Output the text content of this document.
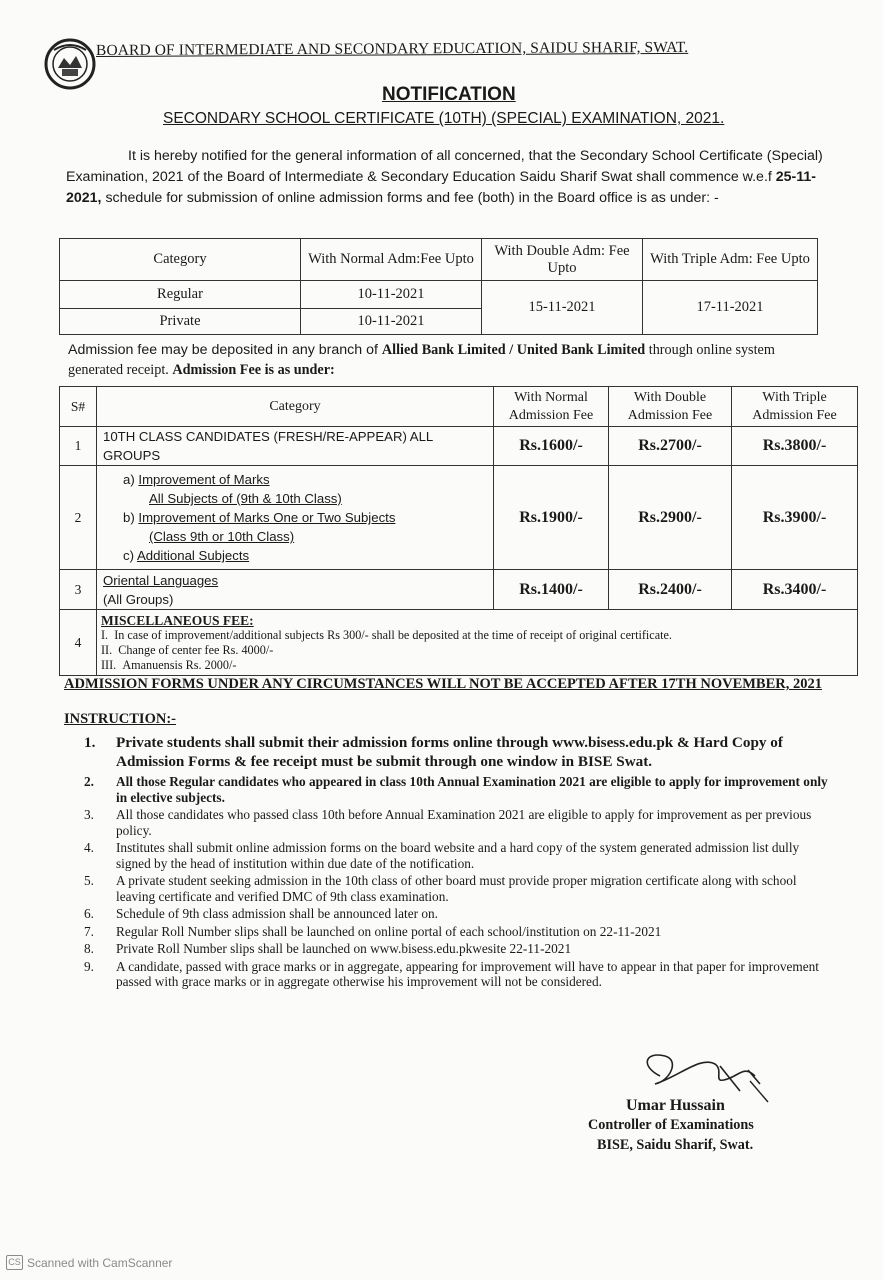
BOARD OF INTERMEDIATE AND SECONDARY EDUCATION, SAIDU SHARIF, SWAT.
NOTIFICATION
SECONDARY SCHOOL CERTIFICATE (10TH) (SPECIAL) EXAMINATION, 2021.

It is hereby notified for the general information of all concerned, that the Secondary School Certificate (Special) Examination, 2021 of the Board of Intermediate & Secondary Education Saidu Sharif Swat shall commence w.e.f 25-11-2021, schedule for submission of online admission forms and fee (both) in the Board office is as under: -

Category	With Normal Adm:Fee Upto	With Double Adm: Fee Upto	With Triple Adm: Fee Upto
Regular	10-11-2021	15-11-2021	17-11-2021
Private	10-11-2021		
Admission fee may be deposited in any branch of Allied Bank Limited / United Bank Limited through online system generated receipt. Admission Fee is as under:
S#	Category	With Normal Admission Fee	With Double Admission Fee	With Triple Admission Fee
1	10TH CLASS CANDIDATES (FRESH/RE-APPEAR) ALL GROUPS	Rs.1600/-	Rs.2700/-	Rs.3800/-
2	a) Improvement of Marks
All Subjects of (9th & 10th Class)
b) Improvement of Marks One or Two Subjects
(Class 9th or 10th Class)
c) Additional Subjects	Rs.1900/-	Rs.2900/-	Rs.3900/-
3	Oriental Languages
(All Groups)	Rs.1400/-	Rs.2400/-	Rs.3400/-
4	MISCELLANEOUS FEE:
I. In case of improvement/additional subjects Rs 300/- shall be deposited at the time of receipt of original certificate.
II. Change of center fee Rs. 4000/-
III. Amanuensis Rs. 2000/-			
ADMISSION FORMS UNDER ANY CIRCUMSTANCES WILL NOT BE ACCEPTED AFTER 17TH NOVEMBER, 2021
INSTRUCTION:-
1. Private students shall submit their admission forms online through www.bisess.edu.pk & Hard Copy of Admission Forms & fee receipt must be submit through one window in BISE Swat.
2. All those Regular candidates who appeared in class 10th Annual Examination 2021 are eligible to apply for improvement only in elective subjects.
3. All those candidates who passed class 10th before Annual Examination 2021 are eligible to apply for improvement as per previous policy.
4. Institutes shall submit online admission forms on the board website and a hard copy of the system generated admission list dully signed by the head of institution within due date of the notification.
5. A private student seeking admission in the 10th class of other board must provide proper migration certificate along with school leaving certificate and verified DMC of 9th class examination.
6. Schedule of 9th class admission shall be announced later on.
7. Regular Roll Number slips shall be launched on online portal of each school/institution on 22-11-2021
8. Private Roll Number slips shall be launched on www.bisess.edu.pkwesite 22-11-2021
9. A candidate, passed with grace marks or in aggregate, appearing for improvement will have to appear in that paper for improvement passed with grace marks or in aggregate otherwise his improvement will not be considered.
Umar Hussain
Controller of Examinations
BISE, Saidu Sharif, Swat.
CS Scanned with CamScanner
